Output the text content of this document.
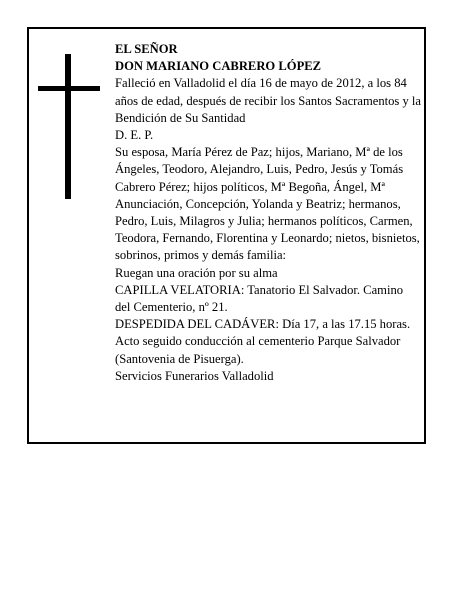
EL SEÑOR

DON MARIANO CABRERO LÓPEZ

Falleció en Valladolid el día 16 de mayo de 2012, a los 84 años de edad, después de recibir los Santos Sacramentos y la Bendición de Su Santidad

D. E. P.

Su esposa, María Pérez de Paz; hijos, Mariano, Mª de los Ángeles, Teodoro, Alejandro, Luis, Pedro, Jesús y Tomás Cabrero Pérez; hijos políticos, Mª Begoña, Ángel, Mª Anunciación, Concepción, Yolanda y Beatriz; hermanos, Pedro, Luis, Milagros y Julia; hermanos políticos, Carmen, Teodora, Fernando, Florentina y Leonardo; nietos, bisnietos, sobrinos, primos y demás familia:

Ruegan una oración por su alma

CAPILLA VELATORIA: Tanatorio El Salvador. Camino del Cementerio, nº 21.

DESPEDIDA DEL CADÁVER: Día 17, a las 17.15 horas. Acto seguido conducción al cementerio Parque Salvador (Santovenia de Pisuerga).

Servicios Funerarios Valladolid
